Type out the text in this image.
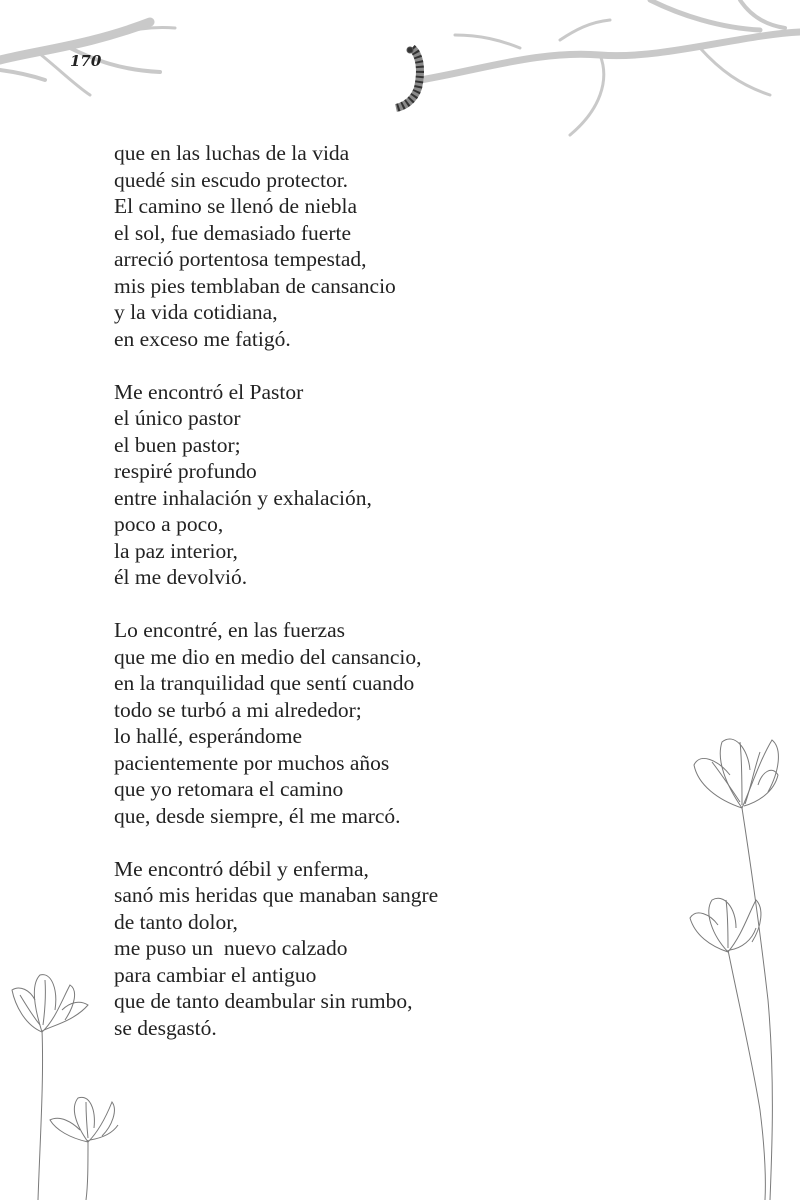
170
que en las luchas de la vida
quedé sin escudo protector.
El camino se llenó de niebla
el sol, fue demasiado fuerte
arreció portentosa tempestad,
mis pies temblaban de cansancio
y la vida cotidiana,
en exceso me fatigó.
Me encontró el Pastor
el único pastor
el buen pastor;
respiré profundo
entre inhalación y exhalación,
poco a poco,
la paz interior,
él me devolvió.
Lo encontré, en las fuerzas
que me dio en medio del cansancio,
en la tranquilidad que sentí cuando
todo se turbó a mi alrededor;
lo hallé, esperándome
pacientemente por muchos años
que yo retomara el camino
que, desde siempre, él me marcó.
Me encontró débil y enferma,
sanó mis heridas que manaban sangre
de tanto dolor,
me puso un  nuevo calzado
para cambiar el antiguo
que de tanto deambular sin rumbo,
se desgastó.
